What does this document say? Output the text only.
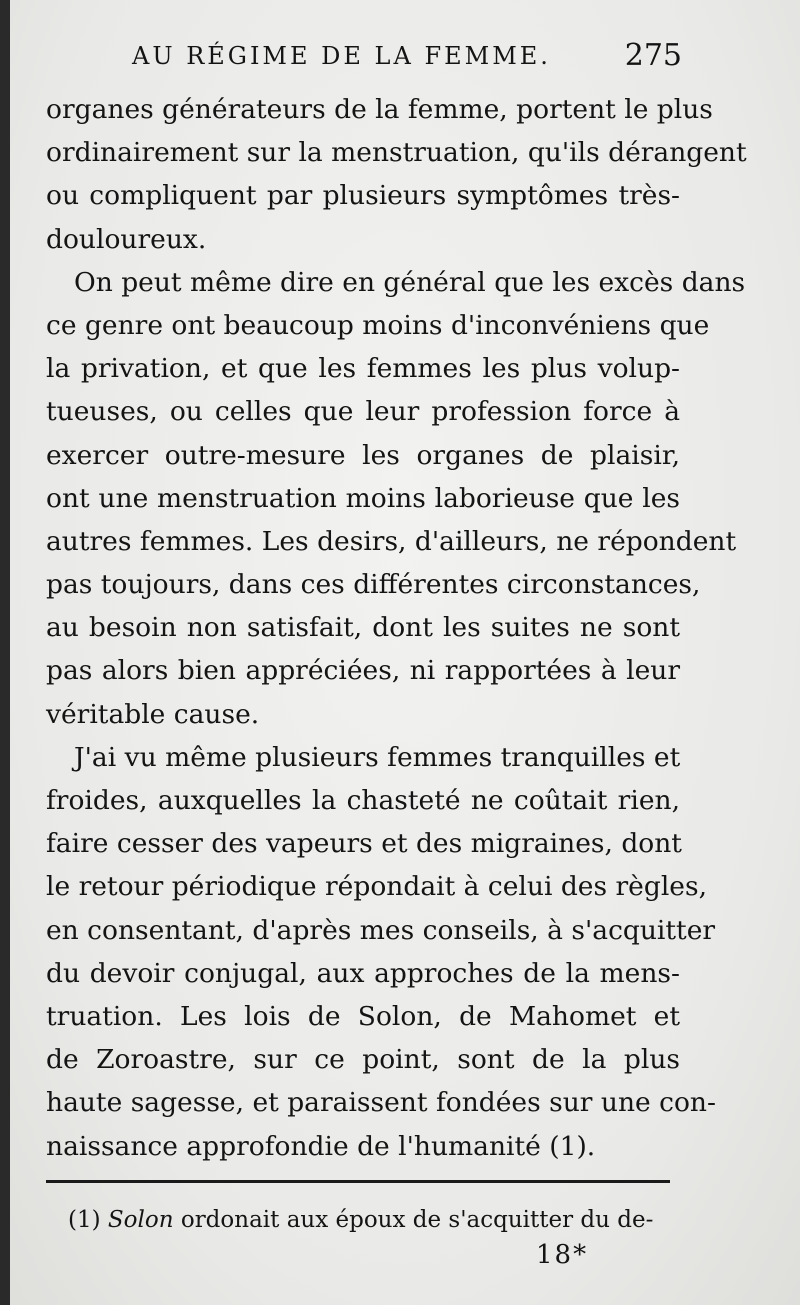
AU RÉGIME DE LA FEMME. 275
organes générateurs de la femme, portent le plus
ordinairement sur la menstruation, qu'ils dérangent
ou compliquent par plusieurs symptômes très-
douloureux.
On peut même dire en général que les excès dans
ce genre ont beaucoup moins d'inconvéniens que
la privation, et que les femmes les plus volup-
tueuses, ou celles que leur profession force à
exercer outre-mesure les organes de plaisir,
ont une menstruation moins laborieuse que les
autres femmes. Les desirs, d'ailleurs, ne répondent
pas toujours, dans ces différentes circonstances,
au besoin non satisfait, dont les suites ne sont
pas alors bien appréciées, ni rapportées à leur
véritable cause.
J'ai vu même plusieurs femmes tranquilles et
froides, auxquelles la chasteté ne coûtait rien,
faire cesser des vapeurs et des migraines, dont
le retour périodique répondait à celui des règles,
en consentant, d'après mes conseils, à s'acquitter
du devoir conjugal, aux approches de la mens-
truation. Les lois de Solon, de Mahomet et
de Zoroastre, sur ce point, sont de la plus
haute sagesse, et paraissent fondées sur une con-
naissance approfondie de l'humanité (1).
(1) Solon ordonait aux époux de s'acquitter du de-
18*
